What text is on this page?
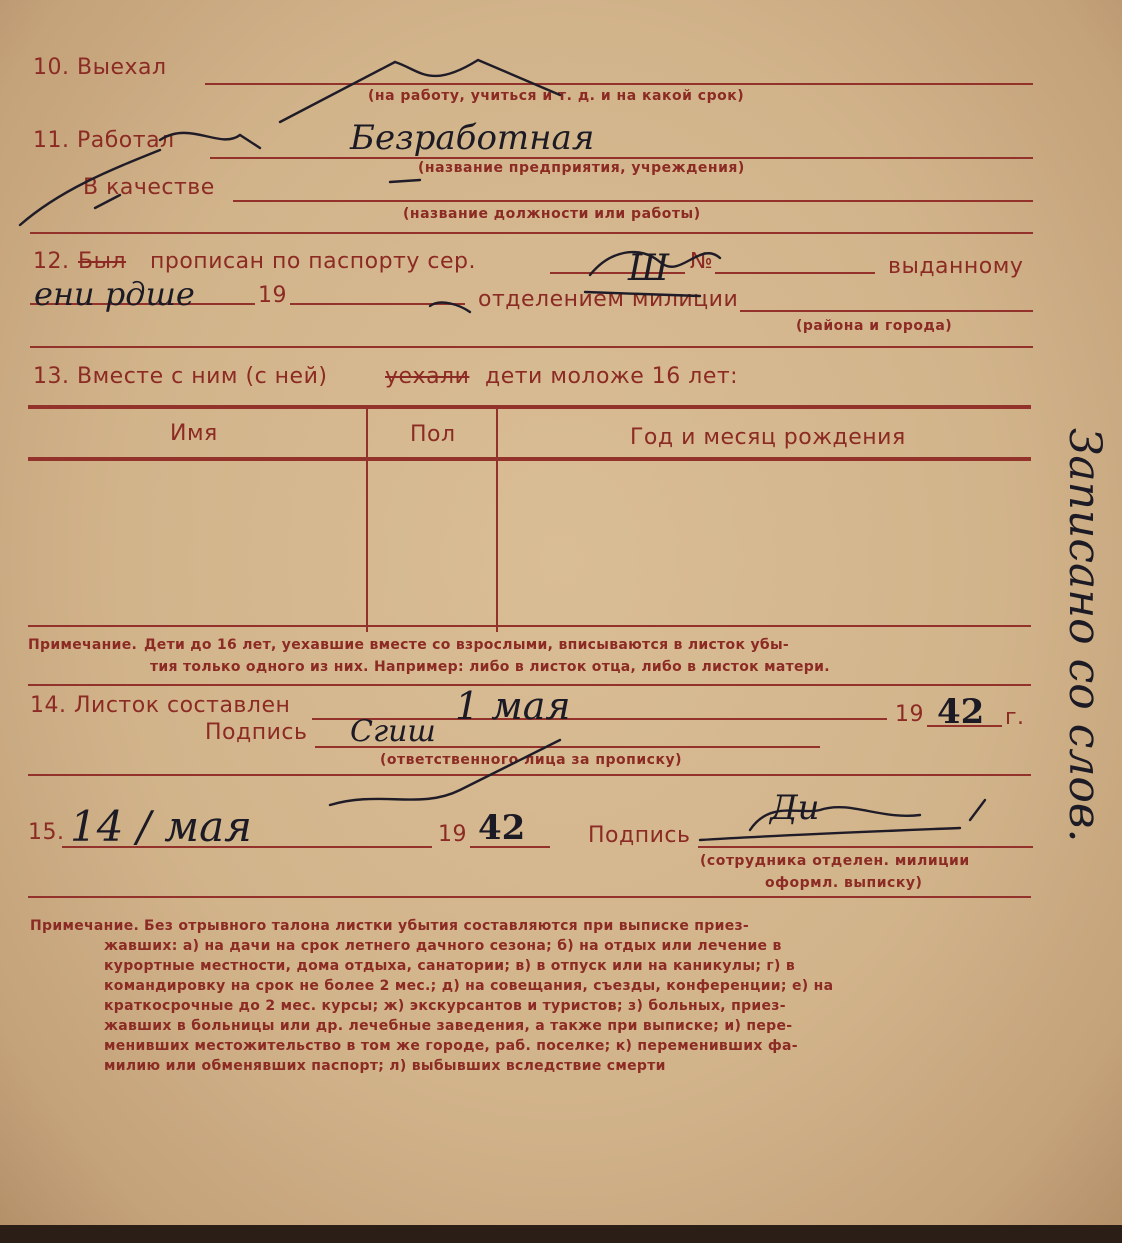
10. Выехал
(на работу, учиться и т. д. и на какой срок)
11. Работал
(название предприятия, учреждения)
В качестве
(название должности или работы)
12. Был прописан по паспорту сер.	№	выданному
19	отделением милиции
(района и города)
13. Вместе с ним (с ней)	уехали дети моложе 16 лет:
Имя	Пол	Год и месяц рождения
Примечание. Дети до 16 лет, уехавшие вместе со взрослыми, вписываются в листок убы-
тия только одного из них. Например: либо в листок отца, либо в листок матери.
14. Листок составлен	19	г.
Подпись
(ответственного лица за прописку)
15.	19	Подпись
(сотрудника отделен. милиции
оформл. выписку)
Примечание. Без отрывного талона листки убытия составляются при выписке приез-
жавших: а) на дачи на срок летнего дачного сезона; б) на отдых или лечение в
курортные местности, дома отдыха, санатории; в) в отпуск или на каникулы; г) в
командировку на срок не более 2 мес.; д) на совещания, съезды, конференции; е) на
краткосрочные до 2 мес. курсы; ж) экскурсантов и туристов; з) больных, приез-
жавших в больницы или др. лечебные заведения, а также при выписке; и) пере-
менивших местожительство в том же городе, раб. поселке; к) переменивших фа-
милию или обменявших паспорт; л) выбывших вследствие смерти
Безработная
Ш
ени рдше
1 мая	42
Сгиш
14 / мая	42	Ди	Записано со слов.
